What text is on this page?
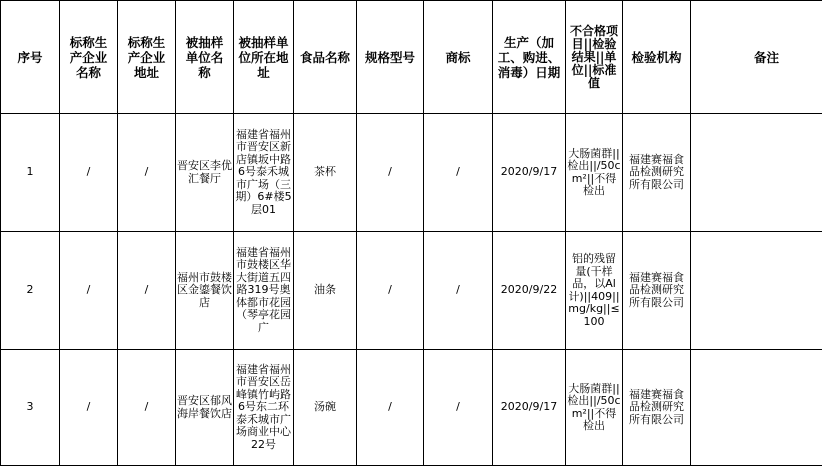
序号	标称生产企业名称	标称生产企业地址	被抽样单位名称	被抽样单位所在地址	食品名称	规格型号	商标	生产（加工、购进、消毒）日期	不合格项目||检验结果||单位||标准值	检验机构	备注
1	/	/	晋安区李优汇餐厅	福建省福州市晋安区新店镇坂中路6号泰禾城市广场（三期）6#楼5层01	茶杯	/	/	2020/9/17	大肠菌群||检出||/50cm²||不得检出	福建赛福食品检测研究所有限公司	
2	/	/	福州市鼓楼区金鎏餐饮店	福建省福州市鼓楼区华大街道五四路319号奥体都市花园（琴亭花园广	油条	/	/	2020/9/22	铝的残留量(干样品，以Al计)||409||mg/kg||≤100	福建赛福食品检测研究所有限公司	
3	/	/	晋安区郁风海岸餐饮店	福建省福州市晋安区岳峰镇竹屿路6号东二环泰禾城市广场商业中心22号	汤碗	/	/	2020/9/17	大肠菌群||检出||/50cm²||不得检出	福建赛福食品检测研究所有限公司	
